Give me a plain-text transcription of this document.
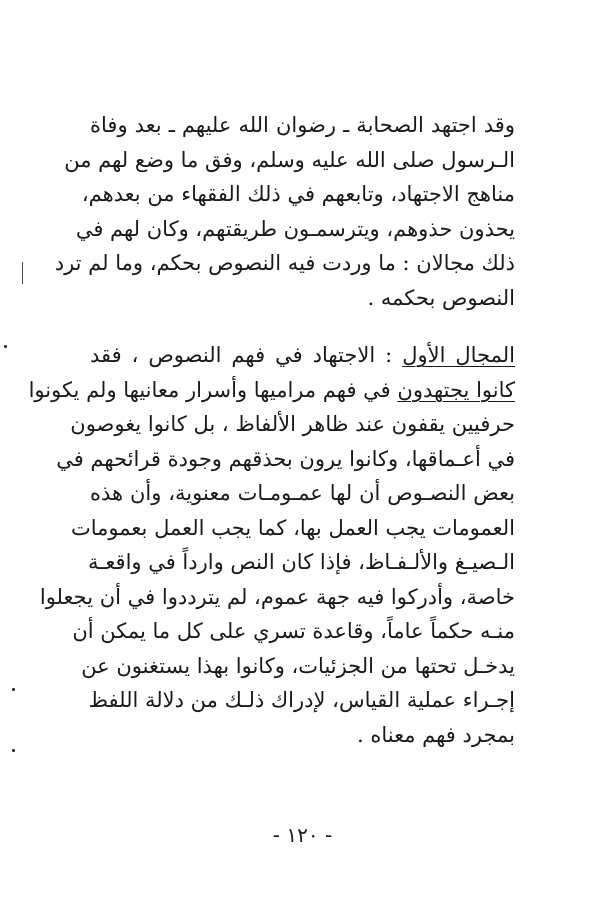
وقد اجتهد الصحابة ـ رضوان الله عليهم ـ بعد وفاة
الـرسول صلى الله عليه وسلم، وفق ما وضع لهم من
مناهج الاجتهاد، وتابعهم في ذلك الفقهاء من بعدهم،
يحذون حذوهم، ويترسمـون طريقتهم، وكان لهم في
ذلك مجالان : ما وردت فيه النصوص بحكم، وما لم ترد
النصوص بحكمه .
المجال الأول : الاجتهاد في فهم النصوص ، فقد
كانوا يجتهدون في فهم مراميها وأسرار معانيها ولم يكونوا
حرفيين يقفون عند ظاهر الألفاظ ، بل كانوا يغوصون
في أعـماقها، وكانوا يرون بحذقهم وجودة قرائحهم في
بعض النصـوص أن لها عمـومـات معنوية، وأن هذه
العمومات يجب العمل بها، كما يجب العمل بعمومات
الـصيـغ والألـفـاظ، فإذا كان النص وارداً في واقعـة
خاصة، وأدركوا فيه جهة عموم، لم يترددوا في أن يجعلوا
منـه حكماً عاماً، وقاعدة تسري على كل ما يمكن أن
يدخـل تحتها من الجزئيات، وكانوا بهذا يستغنون عن
إجـراء عملية القياس، لإدراك ذلـك من دلالة اللفظ
بمجرد فهم معناه .
- ١٢٠ -
